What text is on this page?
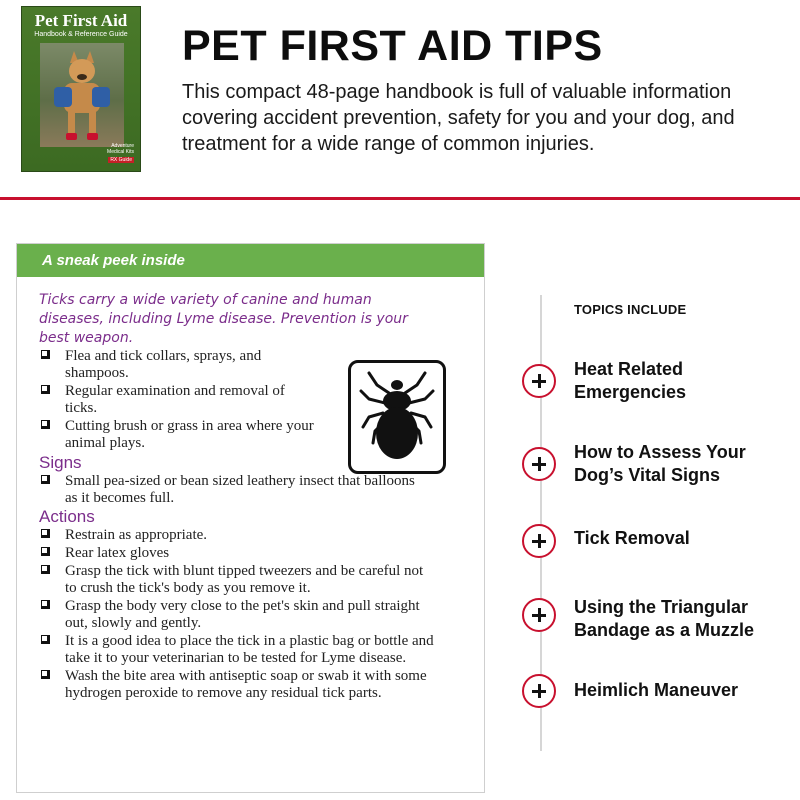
Pet First Aid
Handbook & Reference Guide
Adventure Medical Kits
RX Guide
PET FIRST AID TIPS

This compact 48-page handbook is full of valuable information covering accident prevention, safety for you and your dog, and treatment for a wide range of common injuries.

A sneak peek inside

Ticks carry a wide variety of canine and human diseases, including Lyme disease. Prevention is your best weapon.

Flea and tick collars, sprays, and shampoos.
Regular examination and removal of ticks.
Cutting brush or grass in area where your animal plays.
Signs
Small pea-sized or bean sized leathery insect that balloons as it becomes full.
Actions
Restrain as appropriate.
Rear latex gloves
Grasp the tick with blunt tipped tweezers and be careful not to crush the tick's body as you remove it.
Grasp the body very close to the pet's skin and pull straight out, slowly and gently.
It is a good idea to place the tick in a plastic bag or bottle and take it to your veterinarian to be tested for Lyme disease.
Wash the bite area with antiseptic soap or swab it with some hydrogen peroxide to remove any residual tick parts.
TOPICS INCLUDE

Heat Related Emergencies

How to Assess Your Dog’s Vital Signs

Tick Removal

Using the Triangular Bandage as a Muzzle

Heimlich Maneuver
